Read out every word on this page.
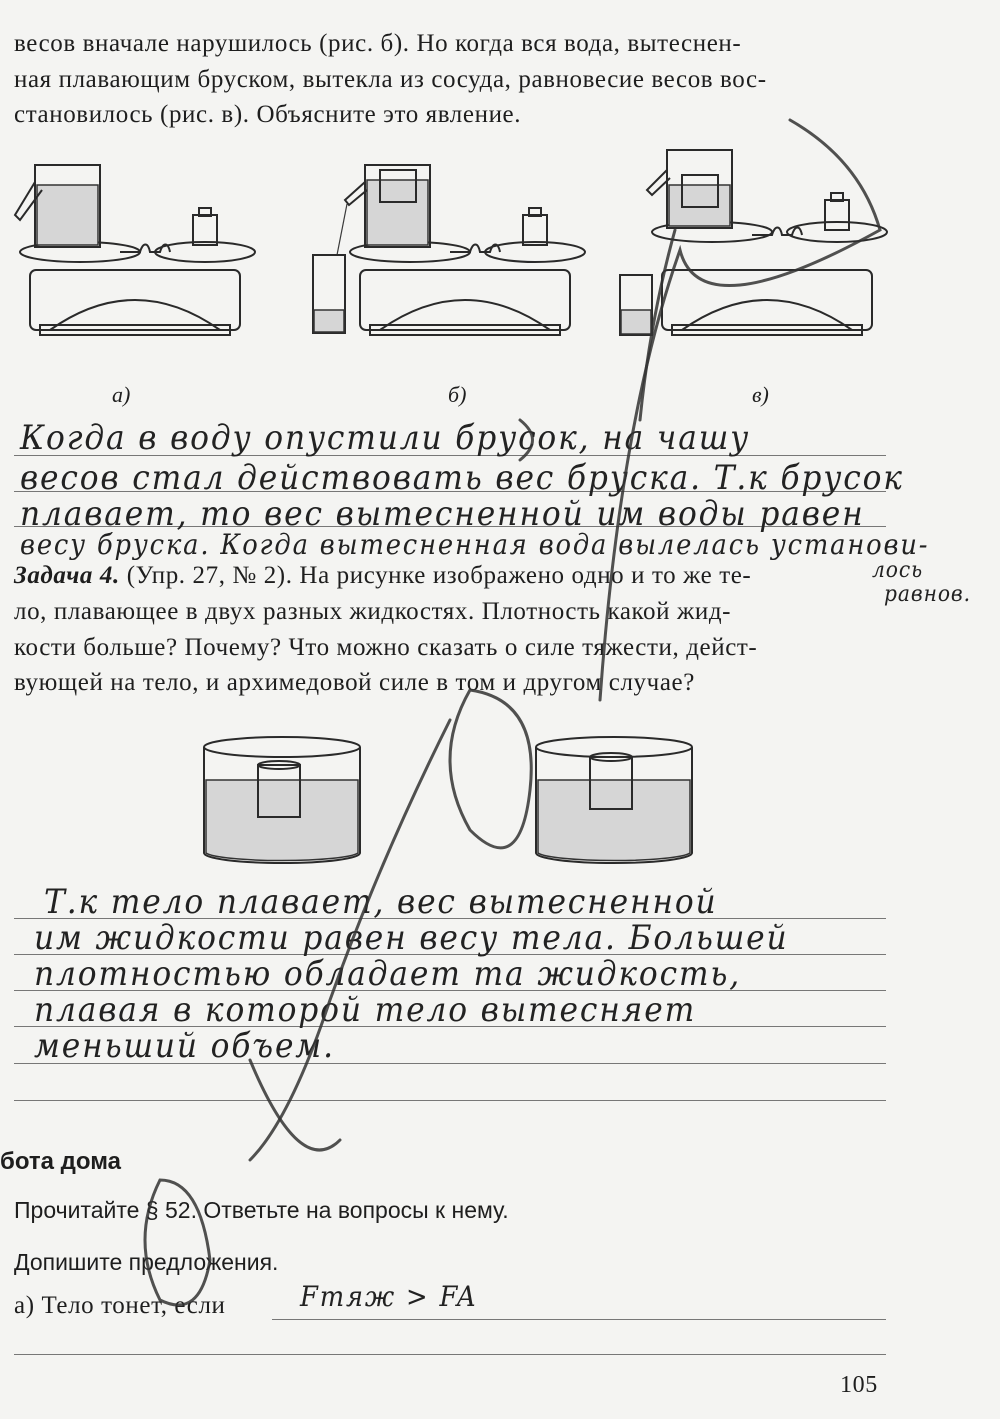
весов вначале нарушилось (рис. б). Но когда вся вода, вытеснен-

ная плавающим бруском, вытекла из сосуда, равновесие весов вос-

становилось (рис. в). Объясните это явление.

а)	б)	в)
Когда в воду опустили брусок, на чашу
весов стал действовать вес бруска. Т.к брусок
плавает, то вес вытесненной им воды равен
весу бруска. Когда вытесненная вода вылелась установи-
лось
равнов.

Задача 4. (Упр. 27, № 2). На рисунке изображено одно и то же те-

ло, плавающее в двух разных жидкостях. Плотность какой жид-

кости больше? Почему? Что можно сказать о силе тяжести, дейст-

вующей на тело, и архимедовой силе в том и другом случае?

Т.к тело плавает, вес вытесненной
им жидкости равен весу тела. Большей
плотностью обладает та жидкость,
плавая в которой тело вытесняет
меньший объем.
бота дома
Прочитайте § 52. Ответьте на вопросы к нему.
Допишите предложения.
а) Тело тонет, если	Fтяж > FA
105
